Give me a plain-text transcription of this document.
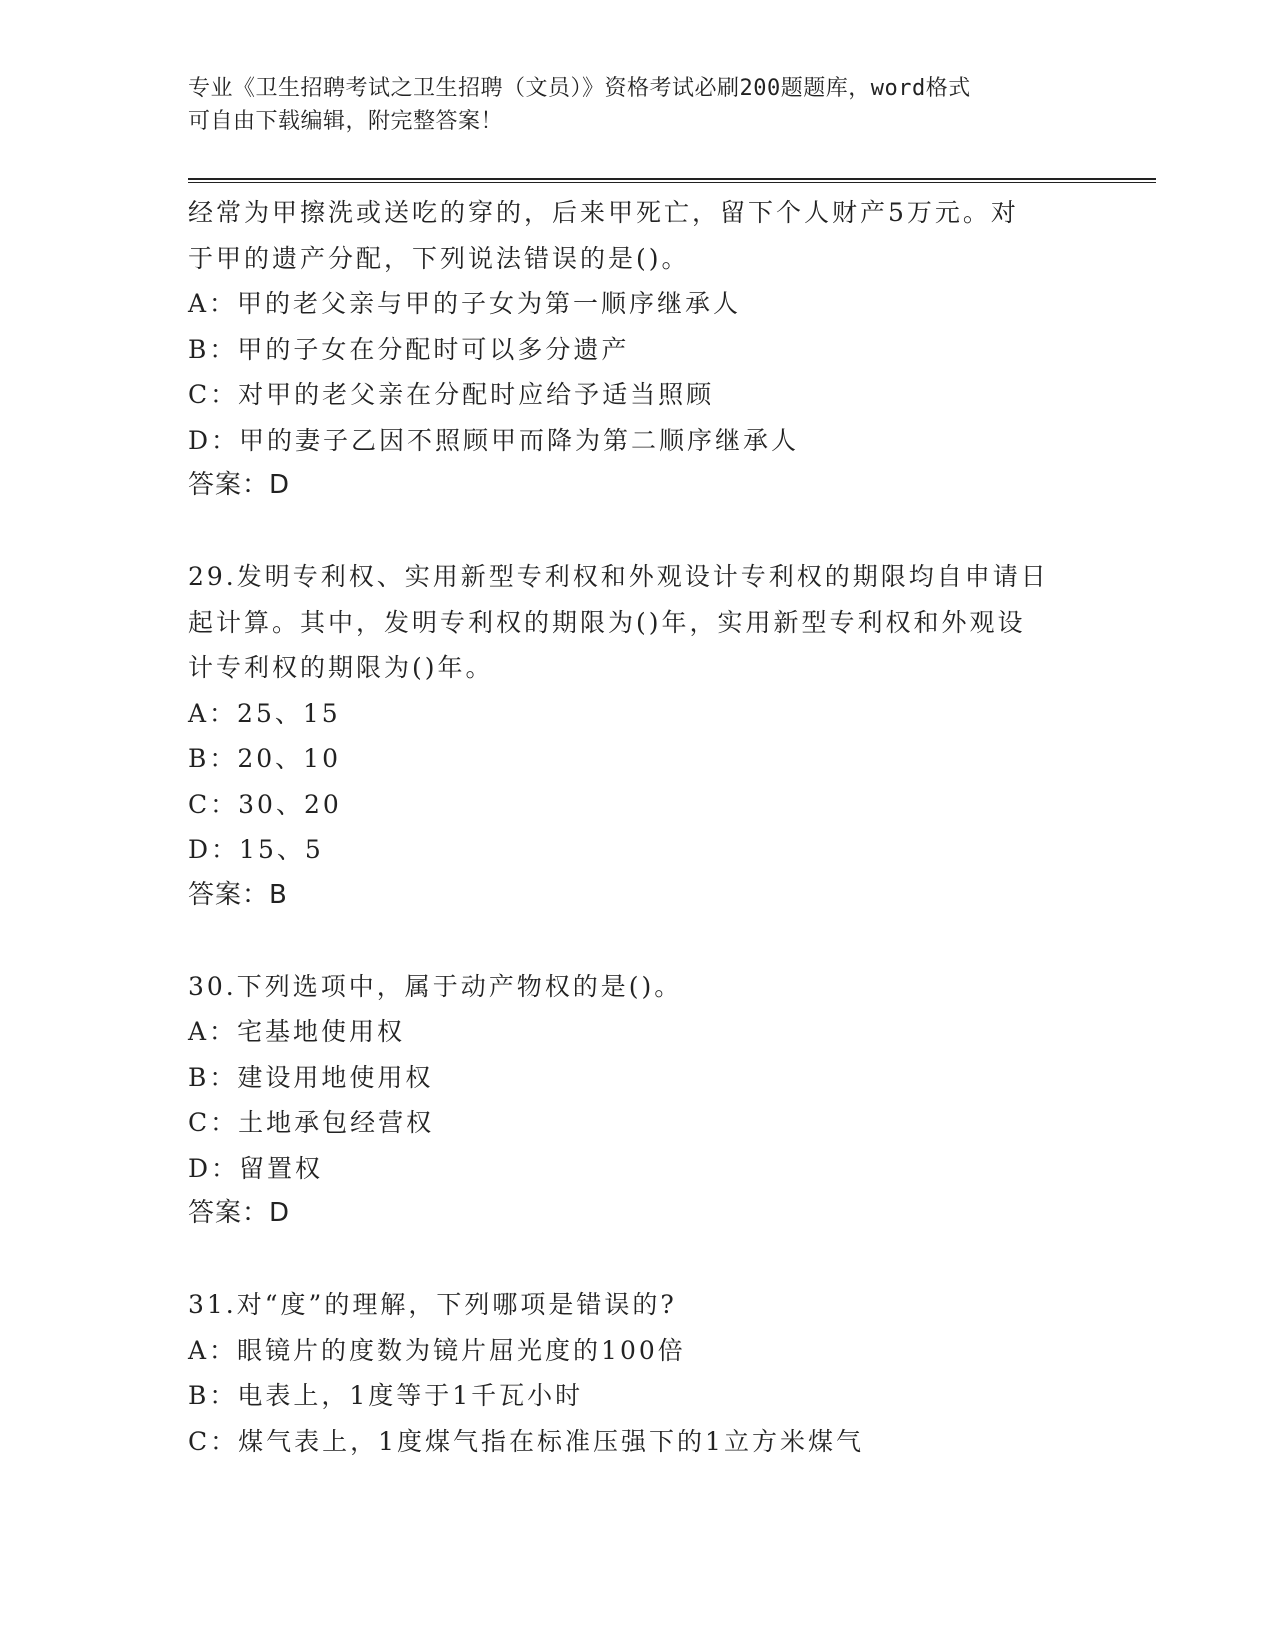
专业《卫生招聘考试之卫生招聘（文员）》资格考试必刷200题题库，word格式
可自由下载编辑，附完整答案！
经常为甲擦洗或送吃的穿的，后来甲死亡，留下个人财产5万元。对
于甲的遗产分配，下列说法错误的是()。
A：甲的老父亲与甲的子女为第一顺序继承人
B：甲的子女在分配时可以多分遗产
C：对甲的老父亲在分配时应给予适当照顾
D：甲的妻子乙因不照顾甲而降为第二顺序继承人
答案：D
29.发明专利权、实用新型专利权和外观设计专利权的期限均自申请日
起计算。其中，发明专利权的期限为()年，实用新型专利权和外观设
计专利权的期限为()年。
A：25、15
B：20、10
C：30、20
D：15、5
答案：B
30.下列选项中，属于动产物权的是()。
A：宅基地使用权
B：建设用地使用权
C：土地承包经营权
D：留置权
答案：D
31.对“度”的理解，下列哪项是错误的?
A：眼镜片的度数为镜片屈光度的100倍
B：电表上，1度等于1千瓦小时
C：煤气表上，1度煤气指在标准压强下的1立方米煤气
